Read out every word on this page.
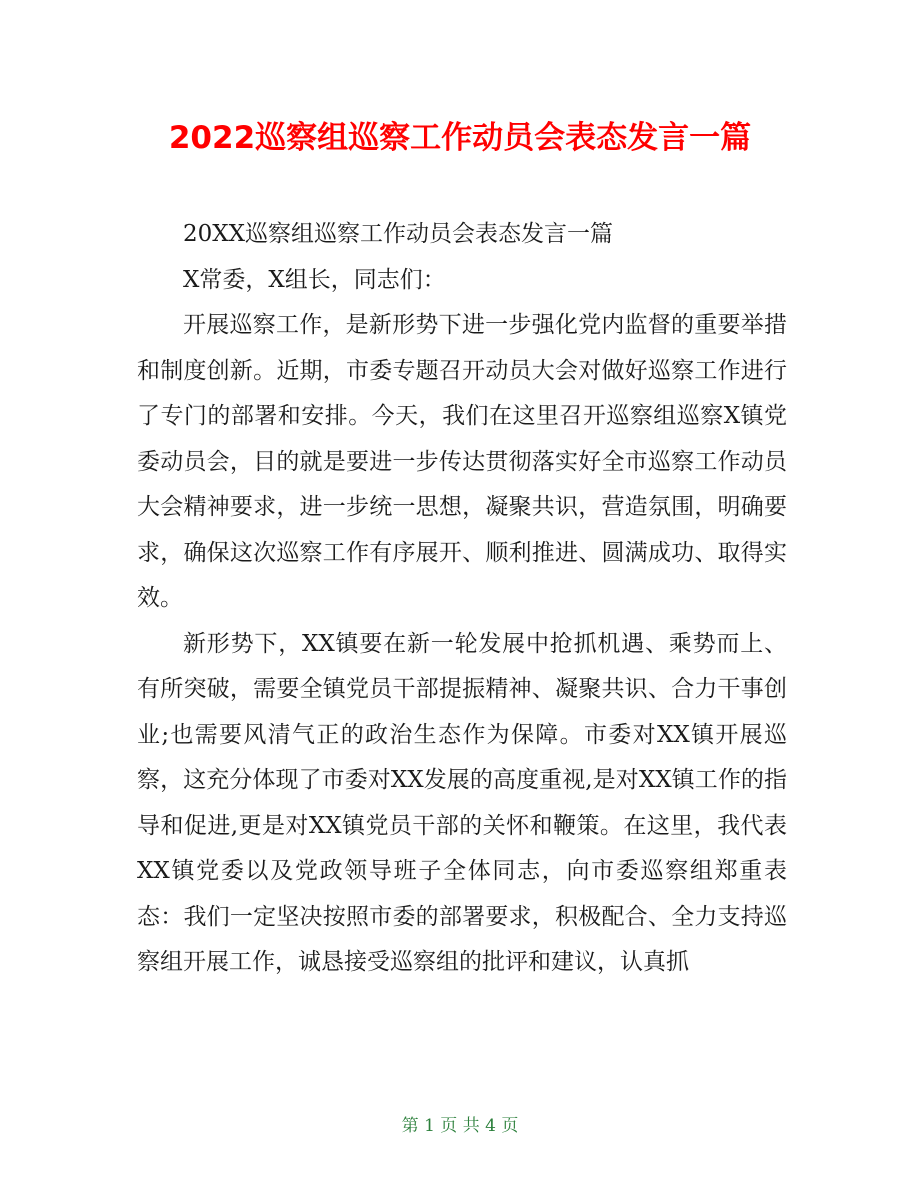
2022巡察组巡察工作动员会表态发言一篇

20XX巡察组巡察工作动员会表态发言一篇

X常委，X组长，同志们：

开展巡察工作，是新形势下进一步强化党内监督的重要举措和制度创新。近期，市委专题召开动员大会对做好巡察工作进行了专门的部署和安排。今天，我们在这里召开巡察组巡察X镇党委动员会，目的就是要进一步传达贯彻落实好全市巡察工作动员大会精神要求，进一步统一思想，凝聚共识，营造氛围，明确要求，确保这次巡察工作有序展开、顺利推进、圆满成功、取得实效。

新形势下，XX镇要在新一轮发展中抢抓机遇、乘势而上、有所突破，需要全镇党员干部提振精神、凝聚共识、合力干事创业;也需要风清气正的政治生态作为保障。市委对XX镇开展巡察，这充分体现了市委对XX发展的高度重视,是对XX镇工作的指导和促进,更是对XX镇党员干部的关怀和鞭策。在这里，我代表XX镇党委以及党政领导班子全体同志，向市委巡察组郑重表态：我们一定坚决按照市委的部署要求，积极配合、全力支持巡察组开展工作，诚恳接受巡察组的批评和建议，认真抓

第 1 页 共 4 页
